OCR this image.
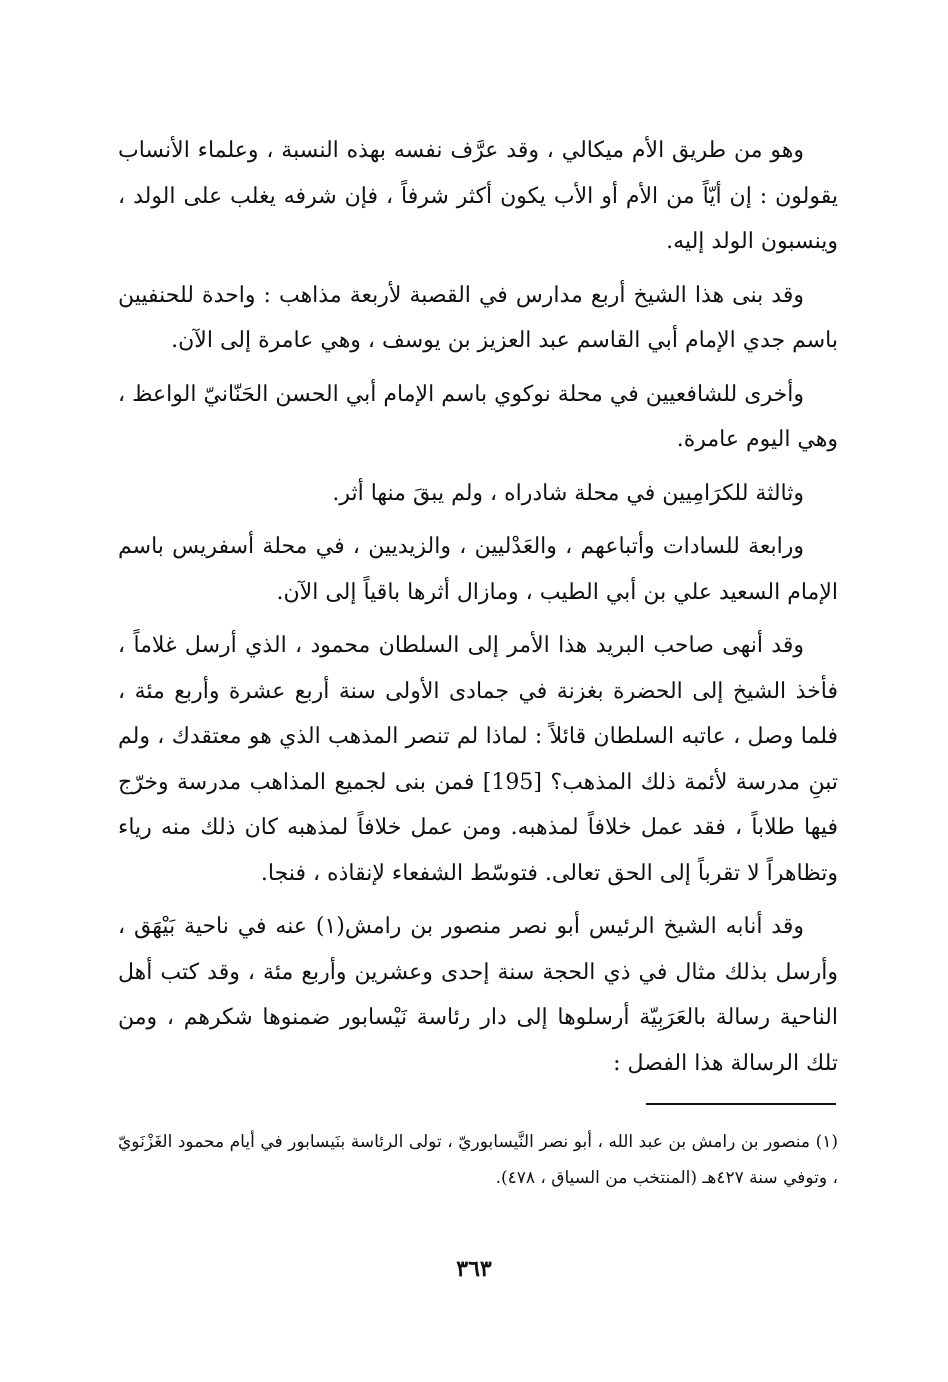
وهو من طريق الأم ميكالي ، وقد عرَّف نفسه بهذه النسبة ، وعلماء الأنساب يقولون : إن أيّاً من الأم أو الأب يكون أكثر شرفاً ، فإن شرفه يغلب على الولد ، وينسبون الولد إليه.

وقد بنى هذا الشيخ أربع مدارس في القصبة لأربعة مذاهب : واحدة للحنفيين باسم جدي الإمام أبي القاسم عبد العزيز بن يوسف ، وهي عامرة إلى الآن.

وأخرى للشافعيين في محلة نوكوي باسم الإمام أبي الحسن الحَنّانيّ الواعظ ، وهي اليوم عامرة.

وثالثة للكرَامِيين في محلة شادراه ، ولم يبقَ منها أثر.

ورابعة للسادات وأتباعهم ، والعَدْليين ، والزيديين ، في محلة أسفريس باسم الإمام السعيد علي بن أبي الطيب ، ومازال أثرها باقياً إلى الآن.

وقد أنهى صاحب البريد هذا الأمر إلى السلطان محمود ، الذي أرسل غلاماً ، فأخذ الشيخ إلى الحضرة بغزنة في جمادى الأولى سنة أربع عشرة وأربع مئة ، فلما وصل ، عاتبه السلطان قائلاً : لماذا لم تنصر المذهب الذي هو معتقدك ، ولم تبنِ مدرسة لأئمة ذلك المذهب؟ [195] فمن بنى لجميع المذاهب مدرسة وخرّج فيها طلاباً ، فقد عمل خلافاً لمذهبه. ومن عمل خلافاً لمذهبه كان ذلك منه رياء وتظاهراً لا تقرباً إلى الحق تعالى. فتوسّط الشفعاء لإنقاذه ، فنجا.

وقد أنابه الشيخ الرئيس أبو نصر منصور بن رامش(١) عنه في ناحية بَيْهَق ، وأرسل بذلك مثال في ذي الحجة سنة إحدى وعشرين وأربع مئة ، وقد كتب أهل الناحية رسالة بالعَرَبِيّة أرسلوها إلى دار رئاسة نَيْسابور ضمنوها شكرهم ، ومن تلك الرسالة هذا الفصل :

(١) منصور بن رامش بن عبد الله ، أبو نصر النَّيسابوريّ ، تولى الرئاسة بنَيسابور في أيام محمود الغَزْنَويّ ، وتوفي سنة ٤٢٧هـ (المنتخب من السياق ، ٤٧٨).

٣٦٣
